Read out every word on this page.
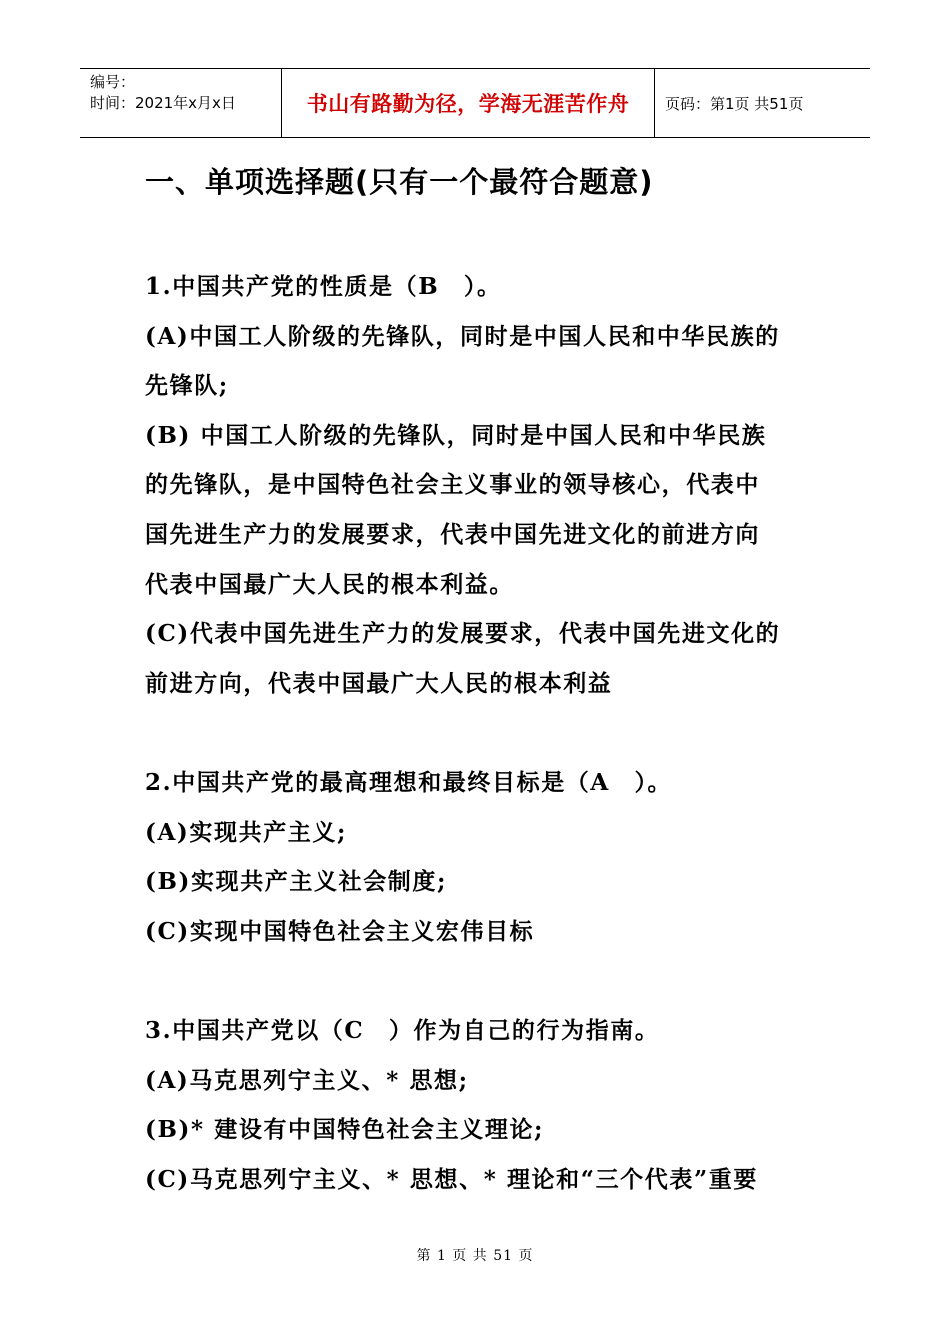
编号：
时间：2021年x月x日	书山有路勤为径，学海无涯苦作舟 页码：第1页 共51页
一、单项选择题(只有一个最符合题意)
1.中国共产党的性质是（B　）。
(A)中国工人阶级的先锋队，同时是中国人民和中华民族的
先锋队;
(B) 中国工人阶级的先锋队，同时是中国人民和中华民族
的先锋队，是中国特色社会主义事业的领导核心，代表中
国先进生产力的发展要求，代表中国先进文化的前进方向
代表中国最广大人民的根本利益。
(C)代表中国先进生产力的发展要求，代表中国先进文化的
前进方向，代表中国最广大人民的根本利益
2.中国共产党的最高理想和最终目标是（A　）。
(A)实现共产主义;
(B)实现共产主义社会制度;
(C)实现中国特色社会主义宏伟目标
3.中国共产党以（C　）作为自己的行为指南。
(A)马克思列宁主义、* 思想;
(B)* 建设有中国特色社会主义理论;
(C)马克思列宁主义、* 思想、* 理论和“三个代表”重要
第 1 页 共 51 页
